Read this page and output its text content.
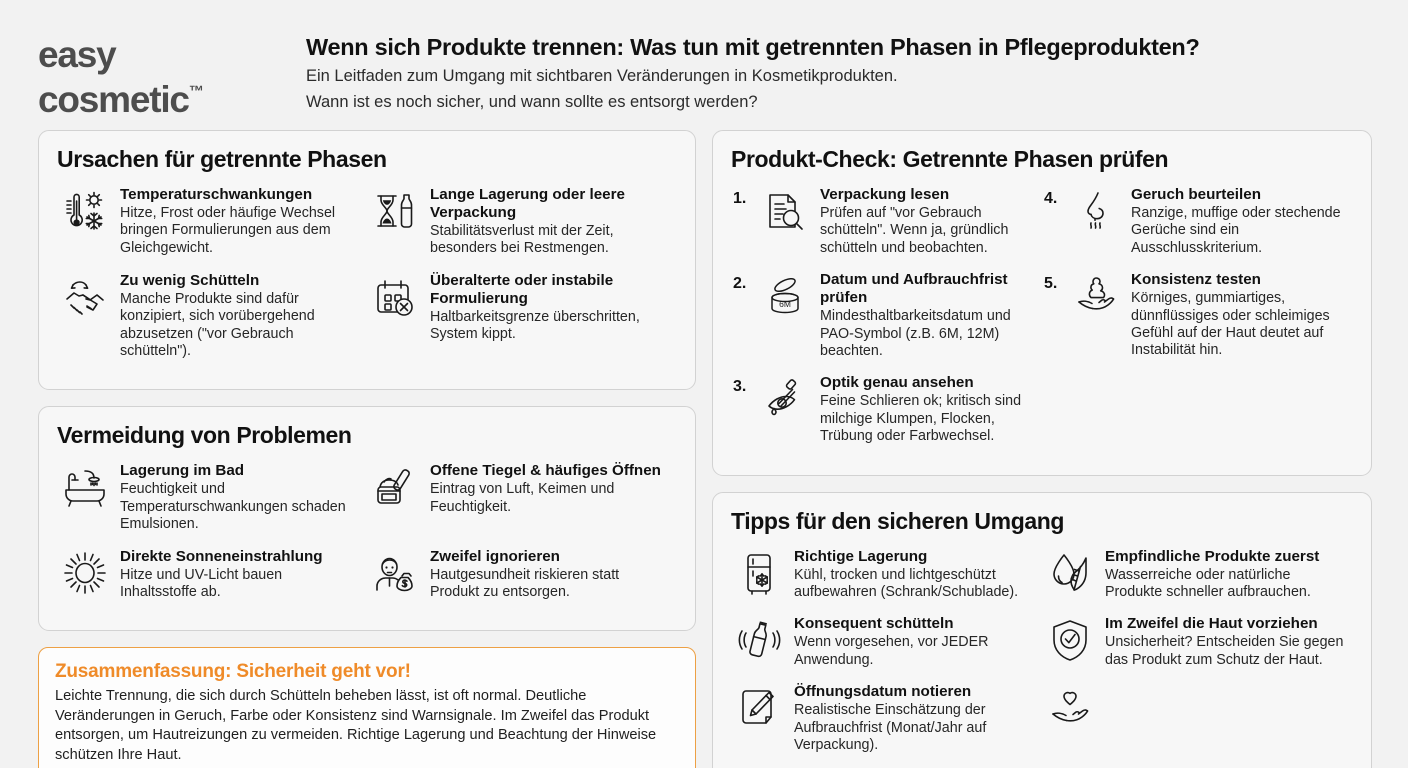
easy
cosmetic™
Wenn sich Produkte trennen: Was tun mit getrennten Phasen in Pflegeprodukten?
Ein Leitfaden zum Umgang mit sichtbaren Veränderungen in Kosmetikprodukten.
Wann ist es noch sicher, und wann sollte es entsorgt werden?
Ursachen für getrennte Phasen
Temperaturschwankungen
Hitze, Frost oder häufige Wechsel bringen Formulierungen aus dem Gleichgewicht.
Lange Lagerung oder leere Verpackung
Stabilitätsverlust mit der Zeit, besonders bei Restmengen.
Zu wenig Schütteln
Manche Produkte sind dafür konzipiert, sich vorübergehend abzusetzen ("vor Gebrauch schütteln").
Überalterte oder instabile Formulierung
Haltbarkeitsgrenze überschritten, System kippt.
Vermeidung von Problemen
Lagerung im Bad
Feuchtigkeit und Temperaturschwankungen schaden Emulsionen.
Offene Tiegel & häufiges Öffnen
Eintrag von Luft, Keimen und Feuchtigkeit.
Direkte Sonneneinstrahlung
Hitze und UV-Licht bauen Inhaltsstoffe ab.
Zweifel ignorieren
Hautgesundheit riskieren statt Produkt zu entsorgen.
Zusammenfassung: Sicherheit geht vor!
Leichte Trennung, die sich durch Schütteln beheben lässt, ist oft normal. Deutliche Veränderungen in Geruch, Farbe oder Konsistenz sind Warnsignale. Im Zweifel das Produkt entsorgen, um Hautreizungen zu vermeiden. Richtige Lagerung und Beachtung der Hinweise schützen Ihre Haut.
Produkt-Check: Getrennte Phasen prüfen
1.	Verpackung lesen
Prüfen auf "vor Gebrauch schütteln". Wenn ja, gründlich schütteln und beobachten.
4.	Geruch beurteilen
Ranzige, muffige oder stechende Gerüche sind ein Ausschlusskriterium.
2.
6M
Datum und Aufbrauchfrist prüfen
Mindesthaltbarkeitsdatum und PAO-Symbol (z.B. 6M, 12M) beachten.
5.	Konsistenz testen
Körniges, gummiartiges, dünnflüssiges oder schleimiges Gefühl auf der Haut deutet auf Instabilität hin.
3.	Optik genau ansehen
Feine Schlieren ok; kritisch sind milchige Klumpen, Flocken, Trübung oder Farbwechsel.
Tipps für den sicheren Umgang
Richtige Lagerung
Kühl, trocken und lichtgeschützt aufbewahren (Schrank/Schublade).
Empfindliche Produkte zuerst
Wasserreiche oder natürliche Produkte schneller aufbrauchen.
Konsequent schütteln
Wenn vorgesehen, vor JEDER Anwendung.
Im Zweifel die Haut vorziehen
Unsicherheit? Entscheiden Sie gegen das Produkt zum Schutz der Haut.
Öffnungsdatum notieren
Realistische Einschätzung der Aufbrauchfrist (Monat/Jahr auf Verpackung).
